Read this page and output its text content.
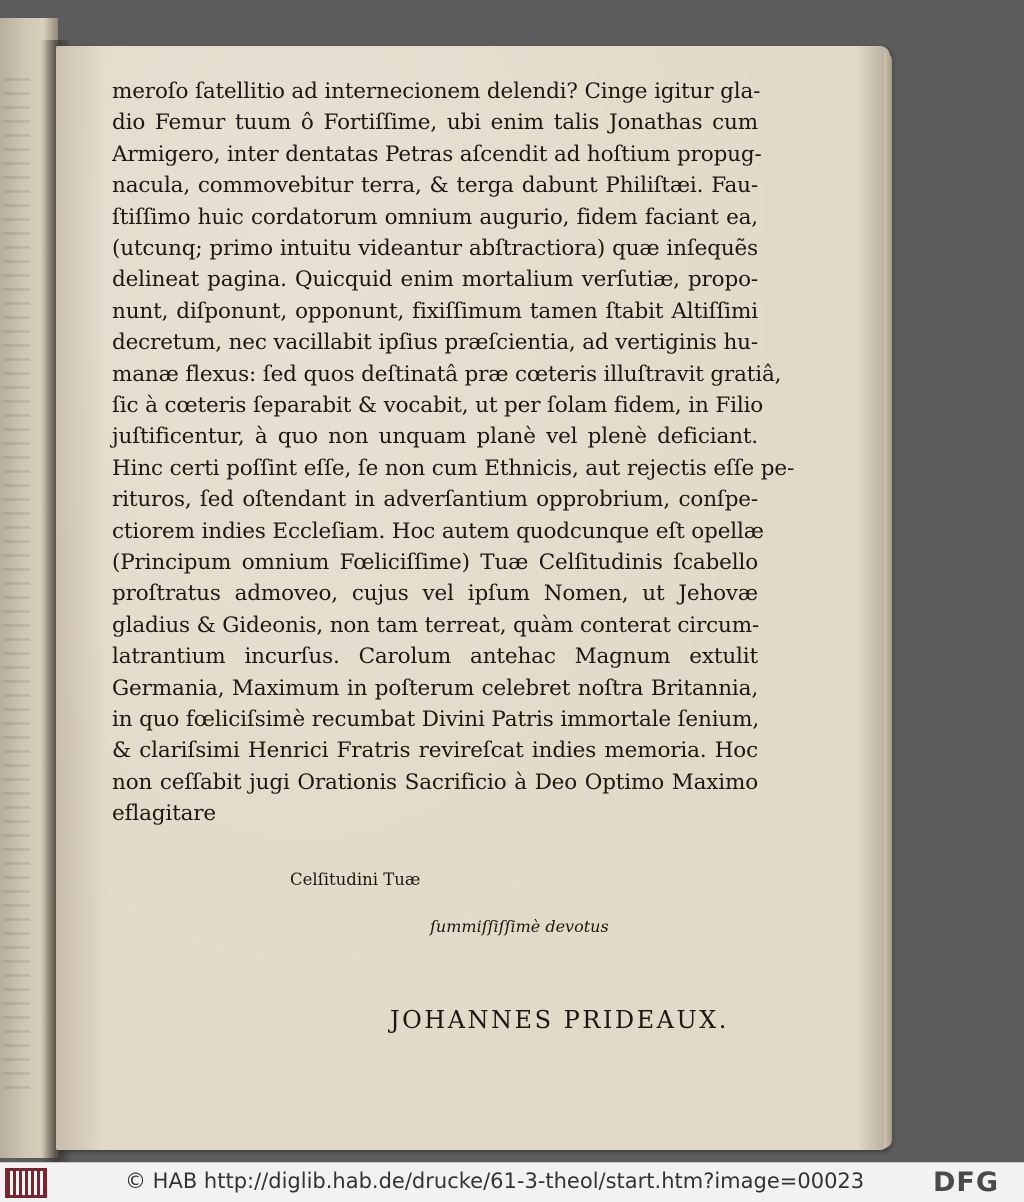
meroſo ſatellitio ad internecionem delendi? Cinge igitur gla-
dio Femur tuum ô Fortiſſime, ubi enim talis Jonathas cum
Armigero, inter dentatas Petras aſcendit ad hoſtium propug-
nacula, commovebitur terra, & terga dabunt Philiſtæi. Fau-
ſtiſſimo huic cordatorum omnium augurio, fidem faciant ea,
(utcunq; primo intuitu videantur abſtractiora) quæ inſequẽs
delineat pagina. Quicquid enim mortalium verſutiæ, propo-
nunt, diſponunt, opponunt, fixiſſimum tamen ſtabit Altiſſimi
decretum, nec vacillabit ipſius præſcientia, ad vertiginis hu-
manæ flexus: ſed quos deſtinatâ præ cœteris illuſtravit gratiâ,
ſic à cœteris ſeparabit & vocabit, ut per ſolam fidem, in Filio
juſtificentur, à quo non unquam planè vel plenè deficiant.
Hinc certi poſſint eſſe, ſe non cum Ethnicis, aut rejectis eſſe pe-
rituros, ſed oſtendant in adverſantium opprobrium, conſpe-
ctiorem indies Eccleſiam. Hoc autem quodcunque eſt opellæ
(Principum omnium Fœliciſſime) Tuæ Celſitudinis ſcabello
proſtratus admoveo, cujus vel ipſum Nomen, ut Jehovæ
gladius & Gideonis, non tam terreat, quàm conterat circum-
latrantium incurſus. Carolum antehac Magnum extulit
Germania, Maximum in poſterum celebret noſtra Britannia,
in quo fœliciſsimè recumbat Divini Patris immortale ſenium,
& clariſsimi Henrici Fratris revireſcat indies memoria. Hoc
non ceſſabit jugi Orationis Sacrificio à Deo Optimo Maximo
eflagitare
Celſitudini Tuæ
ſummiſſiſſimè devotus
JOHANNES PRIDEAUX.
© HAB http://diglib.hab.de/drucke/61-3-theol/start.htm?image=00023	DFG
